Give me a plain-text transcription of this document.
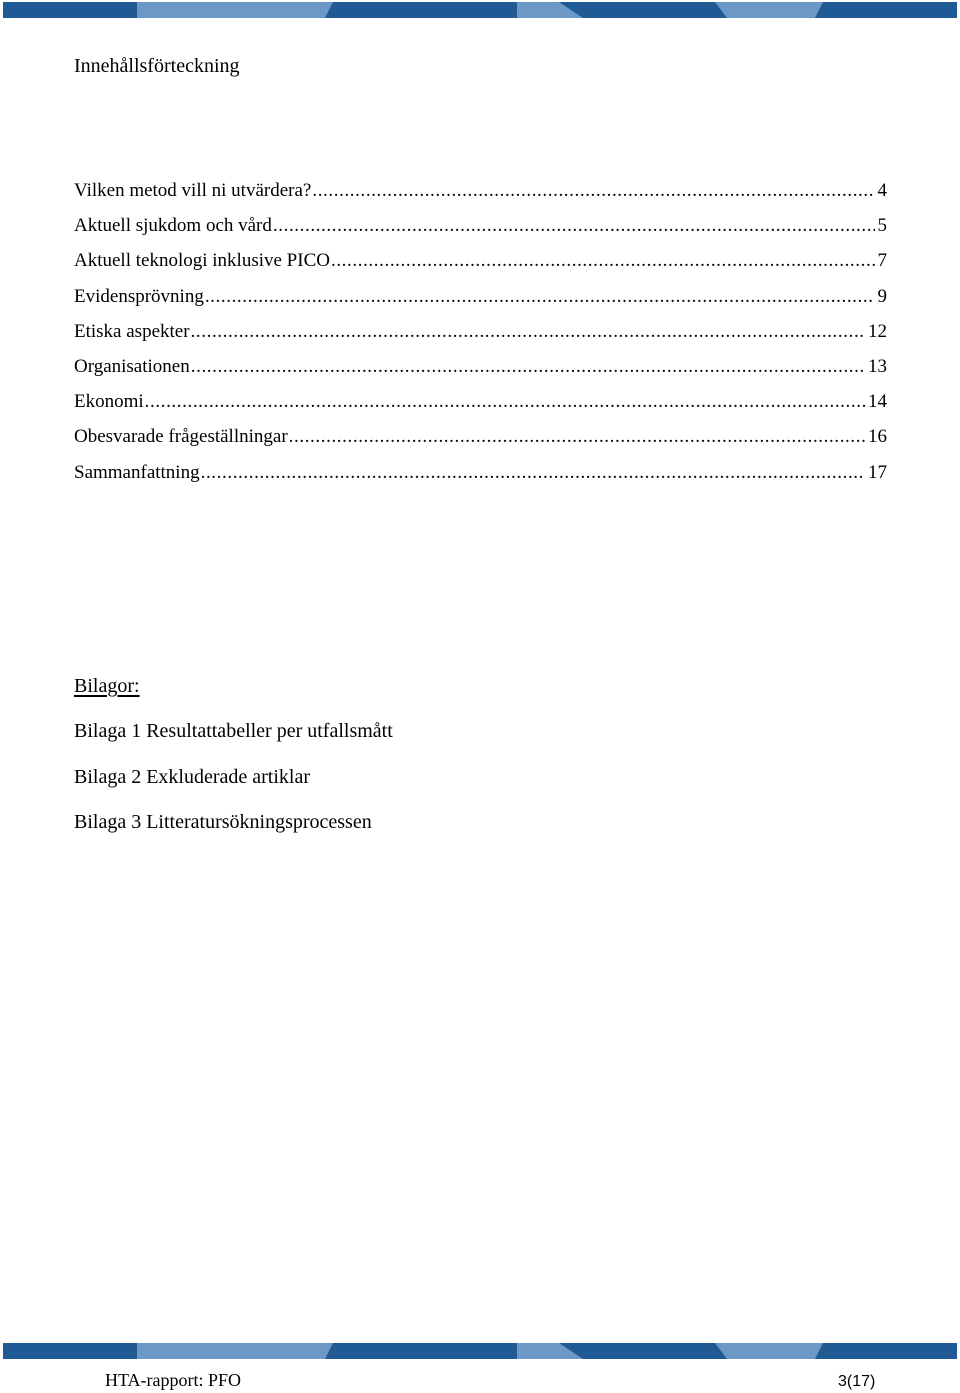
Innehållsförteckning
Vilken metod vill ni utvärdera? .....	4
Aktuell sjukdom och vård .....	5
Aktuell teknologi inklusive PICO .....	7
Evidensprövning .....	9
Etiska aspekter .....	12
Organisationen .....	13
Ekonomi .....	14
Obesvarade frågeställningar .....	16
Sammanfattning .....	17
Bilagor:
Bilaga 1 Resultattabeller per utfallsmått
Bilaga 2 Exkluderade artiklar
Bilaga 3 Litteratursökningsprocessen
HTA-rapport: PFO	3(17)
